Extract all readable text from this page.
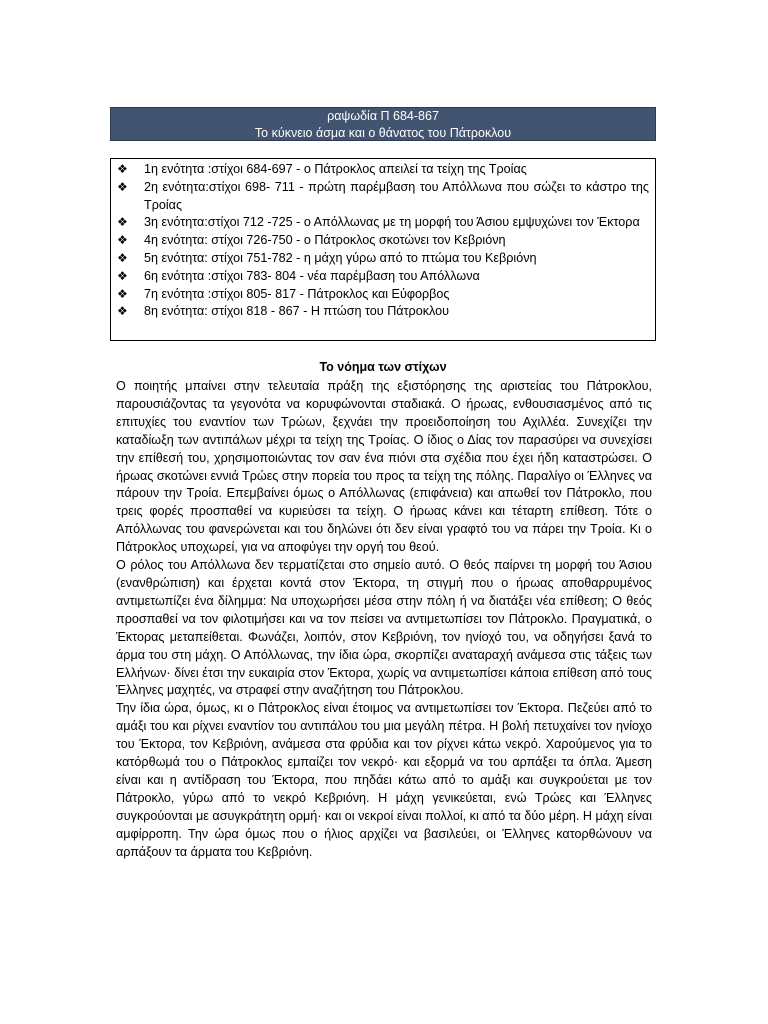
ραψωδία Π 684-867
Το κύκνειο άσμα και ο θάνατος του Πάτροκλου
❖	1η ενότητα :στίχοι 684-697 - ο Πάτροκλος απειλεί τα τείχη της Τροίας
❖	2η ενότητα:στίχοι 698- 711 - πρώτη παρέμβαση του Απόλλωνα που σώζει το κάστρο της Τροίας
❖	3η ενότητα:στίχοι 712 -725 - ο Απόλλωνας με τη μορφή του Άσιου εμψυχώνει τον Έκτορα
❖	4η ενότητα: στίχοι 726-750 - ο Πάτροκλος σκοτώνει τον Κεβριόνη
❖	5η ενότητα: στίχοι 751-782 - η μάχη γύρω από το πτώμα του Κεβριόνη
❖	6η ενότητα :στίχοι 783- 804 - νέα παρέμβαση του Απόλλωνα
❖	7η ενότητα :στίχοι 805- 817 - Πάτροκλος και Εύφορβος
❖	8η ενότητα: στίχοι 818 - 867 - Η πτώση του Πάτροκλου
Το νόημα των στίχων

Ο ποιητής μπαίνει στην τελευταία πράξη της εξιστόρησης της αριστείας του Πάτροκλου, παρουσιάζοντας τα γεγονότα να κορυφώνονται σταδιακά. Ο ήρωας, ενθουσιασμένος από τις επιτυχίες του εναντίον των Τρώων, ξεχνάει την προειδοποίηση του Αχιλλέα. Συνεχίζει την καταδίωξη των αντιπάλων μέχρι τα τείχη της Τροίας. Ο ίδιος ο Δίας τον παρασύρει να συνεχίσει την επίθεσή του, χρησιμοποιώντας τον σαν ένα πιόνι στα σχέδια που έχει ήδη καταστρώσει. Ο ήρωας σκοτώνει εννιά Τρώες στην πορεία του προς τα τείχη της πόλης. Παραλίγο οι Έλληνες να πάρουν την Τροία. Επεμβαίνει όμως ο Απόλλωνας (επιφάνεια) και απωθεί τον Πάτροκλο, που τρεις φορές προσπαθεί να κυριεύσει τα τείχη. Ο ήρωας κάνει και τέταρτη επίθεση. Τότε ο Απόλλωνας του φανερώνεται και του δηλώνει ότι δεν είναι γραφτό του να πάρει την Τροία. Κι ο Πάτροκλος υποχωρεί, για να αποφύγει την οργή του θεού.

Ο ρόλος του Απόλλωνα δεν τερματίζεται στο σημείο αυτό. Ο θεός παίρνει τη μορφή του Άσιου (ενανθρώπιση) και έρχεται κοντά στον Έκτορα, τη στιγμή που ο ήρωας αποθαρρυμένος αντιμετωπίζει ένα δίλημμα: Να υποχωρήσει μέσα στην πόλη ή να διατάξει νέα επίθεση; Ο θεός προσπαθεί να τον φιλοτιμήσει και να τον πείσει να αντιμετωπίσει τον Πάτροκλο. Πραγματικά, ο Έκτορας μεταπείθεται. Φωνάζει, λοιπόν, στον Κεβριόνη, τον ηνίοχό του, να οδηγήσει ξανά το άρμα του στη μάχη. Ο Απόλλωνας, την ίδια ώρα, σκορπίζει αναταραχή ανάμεσα στις τάξεις των Ελλήνων· δίνει έτσι την ευκαιρία στον Έκτορα, χωρίς να αντιμετωπίσει κάποια επίθεση από τους Έλληνες μαχητές, να στραφεί στην αναζήτηση του Πάτροκλου.

Την ίδια ώρα, όμως, κι ο Πάτροκλος είναι έτοιμος να αντιμετωπίσει τον Έκτορα. Πεζεύει από το αμάξι του και ρίχνει εναντίον του αντιπάλου του μια μεγάλη πέτρα. Η βολή πετυχαίνει τον ηνίοχο του Έκτορα, τον Κεβριόνη, ανάμεσα στα φρύδια και τον ρίχνει κάτω νεκρό. Χαρούμενος για το κατόρθωμά του ο Πάτροκλος εμπαίζει τον νεκρό· και εξορμά να του αρπάξει τα όπλα. Άμεση είναι και η αντίδραση του Έκτορα, που πηδάει κάτω από το αμάξι και συγκρούεται με τον Πάτροκλο, γύρω από το νεκρό Κεβριόνη. Η μάχη γενικεύεται, ενώ Τρώες και Έλληνες συγκρούονται με ασυγκράτητη ορμή· και οι νεκροί είναι πολλοί, κι από τα δύο μέρη. Η μάχη είναι αμφίρροπη. Την ώρα όμως που ο ήλιος αρχίζει να βασιλεύει, οι Έλληνες κατορθώνουν να αρπάξουν τα άρματα του Κεβριόνη.
